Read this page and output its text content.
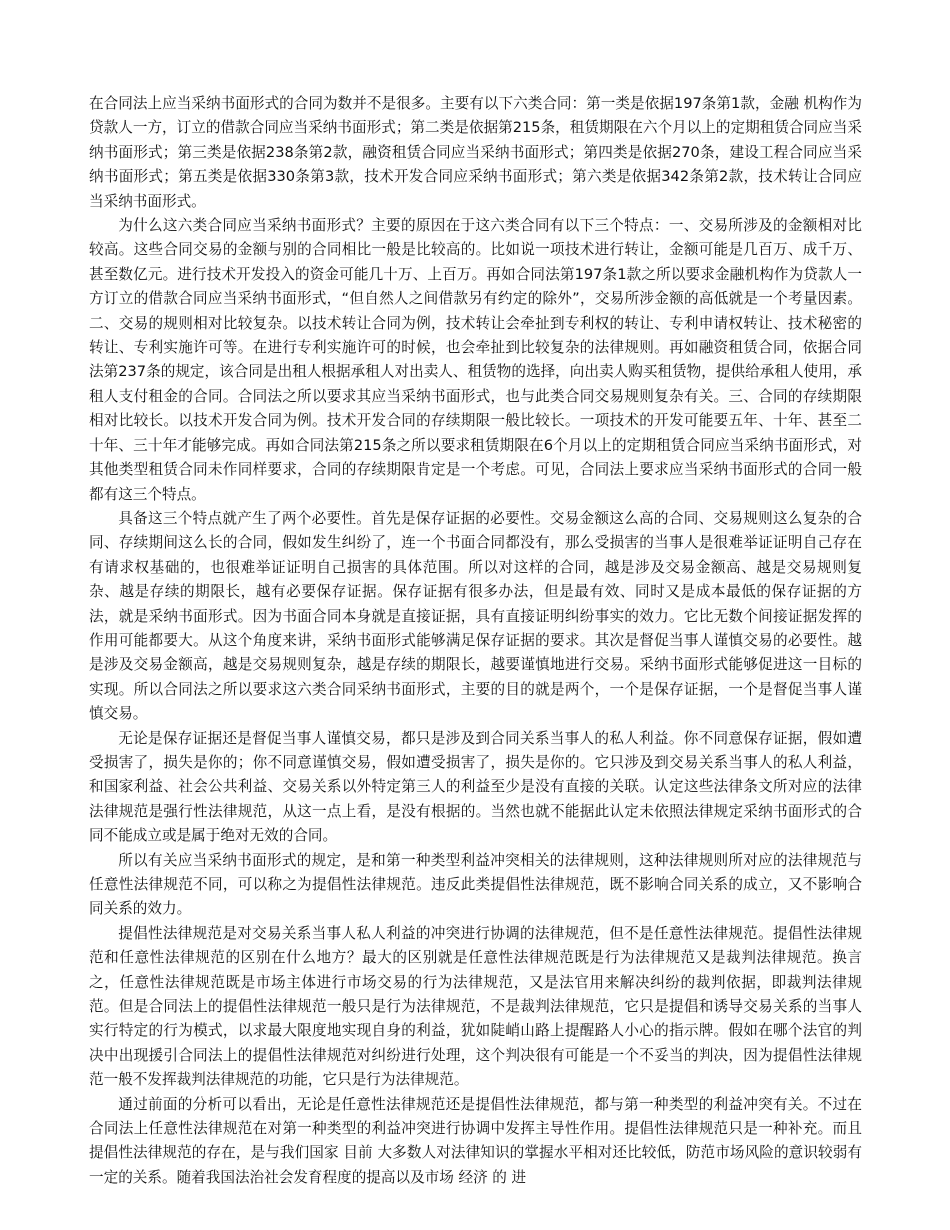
在合同法上应当采纳书面形式的合同为数并不是很多。主要有以下六类合同：第一类是依据197条第1款，金融 机构作为贷款人一方，订立的借款合同应当采纳书面形式；第二类是依据第215条，租赁期限在六个月以上的定期租赁合同应当采纳书面形式；第三类是依据238条第2款，融资租赁合同应当采纳书面形式；第四类是依据270条，建设工程合同应当采纳书面形式；第五类是依据330条第3款，技术开发合同应采纳书面形式；第六类是依据342条第2款，技术转让合同应当采纳书面形式。

为什么这六类合同应当采纳书面形式？主要的原因在于这六类合同有以下三个特点：一、交易所涉及的金额相对比较高。这些合同交易的金额与别的合同相比一般是比较高的。比如说一项技术进行转让，金额可能是几百万、成千万、甚至数亿元。进行技术开发投入的资金可能几十万、上百万。再如合同法第197条1款之所以要求金融机构作为贷款人一方订立的借款合同应当采纳书面形式，“但自然人之间借款另有约定的除外”，交易所涉金额的高低就是一个考量因素。二、交易的规则相对比较复杂。以技术转让合同为例，技术转让会牵扯到专利权的转让、专利申请权转让、技术秘密的转让、专利实施许可等。在进行专利实施许可的时候，也会牵扯到比较复杂的法律规则。再如融资租赁合同，依据合同法第237条的规定，该合同是出租人根据承租人对出卖人、租赁物的选择，向出卖人购买租赁物，提供给承租人使用，承租人支付租金的合同。合同法之所以要求其应当采纳书面形式，也与此类合同交易规则复杂有关。三、合同的存续期限相对比较长。以技术开发合同为例。技术开发合同的存续期限一般比较长。一项技术的开发可能要五年、十年、甚至二十年、三十年才能够完成。再如合同法第215条之所以要求租赁期限在6个月以上的定期租赁合同应当采纳书面形式，对其他类型租赁合同未作同样要求，合同的存续期限肯定是一个考虑。可见，合同法上要求应当采纳书面形式的合同一般都有这三个特点。

具备这三个特点就产生了两个必要性。首先是保存证据的必要性。交易金额这么高的合同、交易规则这么复杂的合同、存续期间这么长的合同，假如发生纠纷了，连一个书面合同都没有，那么受损害的当事人是很难举证证明自己存在有请求权基础的，也很难举证证明自己损害的具体范围。所以对这样的合同，越是涉及交易金额高、越是交易规则复杂、越是存续的期限长，越有必要保存证据。保存证据有很多办法，但是最有效、同时又是成本最低的保存证据的方法，就是采纳书面形式。因为书面合同本身就是直接证据，具有直接证明纠纷事实的效力。它比无数个间接证据发挥的作用可能都要大。从这个角度来讲，采纳书面形式能够满足保存证据的要求。其次是督促当事人谨慎交易的必要性。越是涉及交易金额高，越是交易规则复杂，越是存续的期限长，越要谨慎地进行交易。采纳书面形式能够促进这一目标的实现。所以合同法之所以要求这六类合同采纳书面形式，主要的目的就是两个，一个是保存证据，一个是督促当事人谨慎交易。

无论是保存证据还是督促当事人谨慎交易，都只是涉及到合同关系当事人的私人利益。你不同意保存证据，假如遭受损害了，损失是你的；你不同意谨慎交易，假如遭受损害了，损失是你的。它只涉及到交易关系当事人的私人利益，和国家利益、社会公共利益、交易关系以外特定第三人的利益至少是没有直接的关联。认定这些法律条文所对应的法律法律规范是强行性法律规范，从这一点上看，是没有根据的。当然也就不能据此认定未依照法律规定采纳书面形式的合同不能成立或是属于绝对无效的合同。

所以有关应当采纳书面形式的规定，是和第一种类型利益冲突相关的法律规则，这种法律规则所对应的法律规范与任意性法律规范不同，可以称之为提倡性法律规范。违反此类提倡性法律规范，既不影响合同关系的成立，又不影响合同关系的效力。

提倡性法律规范是对交易关系当事人私人利益的冲突进行协调的法律规范，但不是任意性法律规范。提倡性法律规范和任意性法律规范的区别在什么地方？最大的区别就是任意性法律规范既是行为法律规范又是裁判法律规范。换言之，任意性法律规范既是市场主体进行市场交易的行为法律规范，又是法官用来解决纠纷的裁判依据，即裁判法律规范。但是合同法上的提倡性法律规范一般只是行为法律规范，不是裁判法律规范，它只是提倡和诱导交易关系的当事人实行特定的行为模式，以求最大限度地实现自身的利益，犹如陡峭山路上提醒路人小心的指示牌。假如在哪个法官的判决中出现援引合同法上的提倡性法律规范对纠纷进行处理，这个判决很有可能是一个不妥当的判决，因为提倡性法律规范一般不发挥裁判法律规范的功能，它只是行为法律规范。

通过前面的分析可以看出，无论是任意性法律规范还是提倡性法律规范，都与第一种类型的利益冲突有关。不过在合同法上任意性法律规范在对第一种类型的利益冲突进行协调中发挥主导性作用。提倡性法律规范只是一种补充。而且提倡性法律规范的存在，是与我们国家 目前 大多数人对法律知识的掌握水平相对还比较低，防范市场风险的意识较弱有一定的关系。随着我国法治社会发育程度的提高以及市场 经济 的 进
